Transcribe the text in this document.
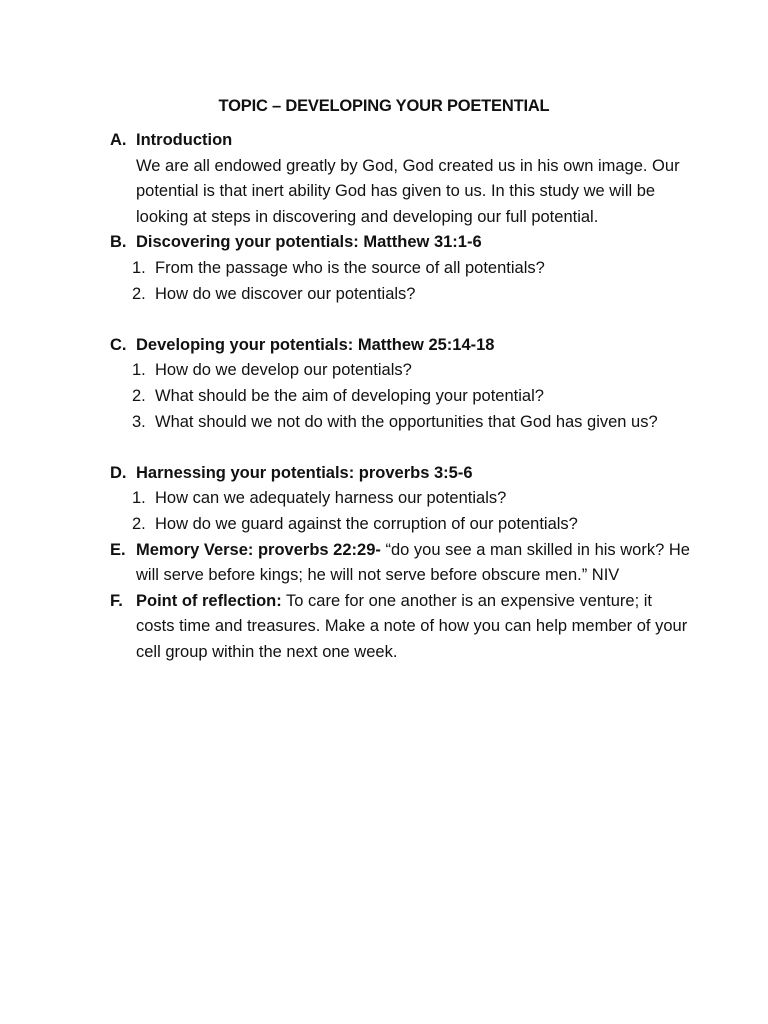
TOPIC – DEVELOPING YOUR POETENTIAL
A. Introduction
We are all endowed greatly by God, God created us in his own image. Our potential is that inert ability God has given to us. In this study we will be looking at steps in discovering and developing our full potential.
B. Discovering your potentials: Matthew 31:1-6
1. From the passage who is the source of all potentials?
2. How do we discover our potentials?
C. Developing your potentials: Matthew 25:14-18
1. How do we develop our potentials?
2. What should be the aim of developing your potential?
3. What should we not do with the opportunities that God has given us?
D. Harnessing your potentials: proverbs 3:5-6
1. How can we adequately harness our potentials?
2. How do we guard against the corruption of our potentials?
E. Memory Verse: proverbs 22:29- “do you see a man skilled in his work? He will serve before kings; he will not serve before obscure men.” NIV
F. Point of reflection: To care for one another is an expensive venture; it costs time and treasures. Make a note of how you can help member of your cell group within the next one week.
